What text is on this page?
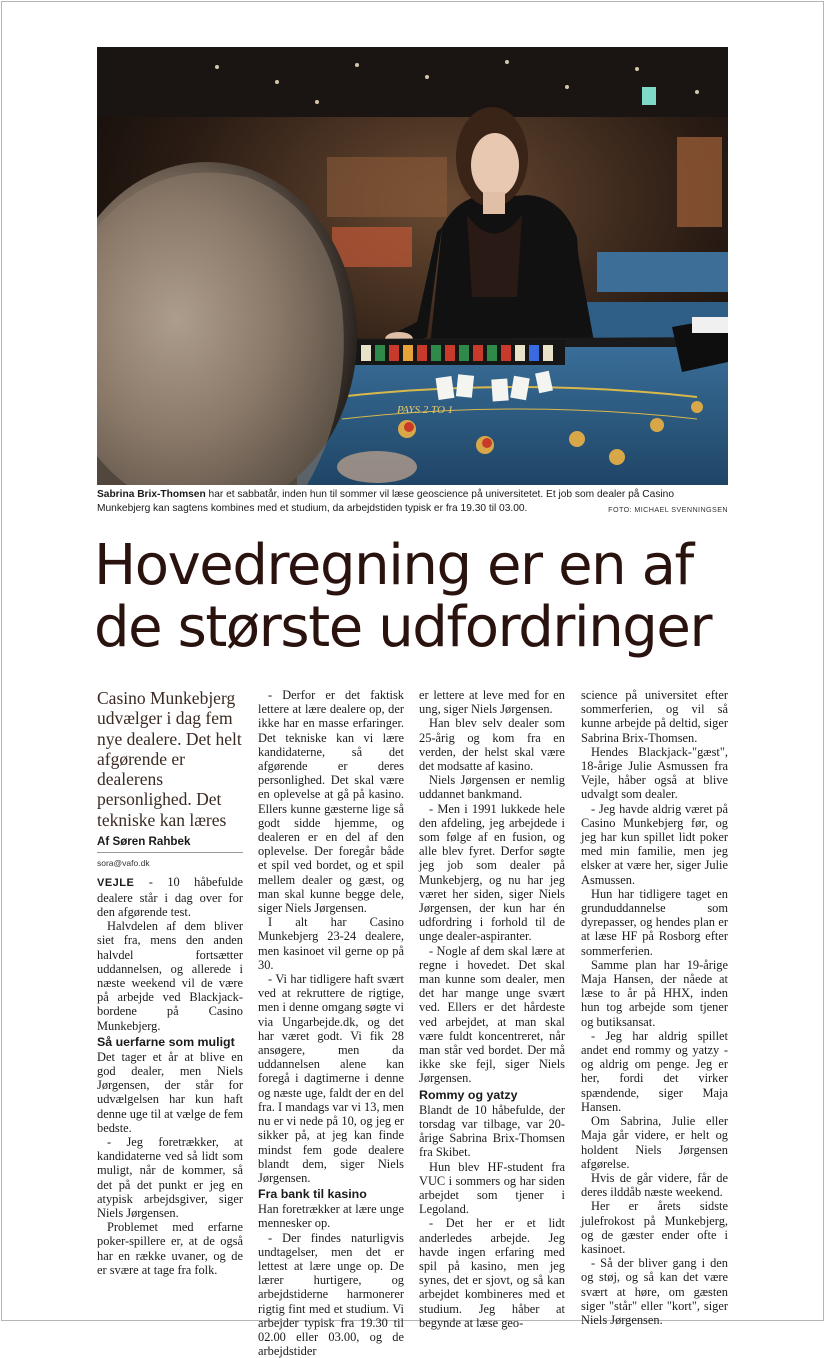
PAYS 2 TO 1
Sabrina Brix-Thomsen har et sabbatår, inden hun til sommer vil læse geoscience på universitetet. Et job som dealer på Casino Munkebjerg kan sagtens kombines med et studium, da arbejdstiden typisk er fra 19.30 til 03.00.	FOTO: MICHAEL SVENNINGSEN
Hovedregning er en af de største udfordringer

Casino Munkebjerg udvælger i dag fem nye dealere. Det helt afgørende er dealerens personlighed. Det tekniske kan læres

Af Søren Rahbek
sora@vafo.dk

VEJLE - 10 håbefulde dealere står i dag over for den afgørende test.

Halvdelen af dem bliver siet fra, mens den anden halvdel fortsætter uddannelsen, og allerede i næste weekend vil de være på arbejde ved Blackjack-bordene på Casino Munkebjerg.

Så uerfarne som muligt

Det tager et år at blive en god dealer, men Niels Jørgensen, der står for udvælgelsen har kun haft denne uge til at vælge de fem bedste.

- Jeg foretrækker, at kandidaterne ved så lidt som muligt, når de kommer, så det på det punkt er jeg en atypisk arbejdsgiver, siger Niels Jørgensen.

Problemet med erfarne poker-spillere er, at de også har en række uvaner, og de er svære at tage fra folk.

- Derfor er det faktisk lettere at lære dealere op, der ikke har en masse erfaringer. Det tekniske kan vi lære kandidaterne, så det afgørende er deres personlighed. Det skal være en oplevelse at gå på kasino. Ellers kunne gæsterne lige så godt sidde hjemme, og dealeren er en del af den oplevelse. Der foregår både et spil ved bordet, og et spil mellem dealer og gæst, og man skal kunne begge dele, siger Niels Jørgensen.

I alt har Casino Munkebjerg 23-24 dealere, men kasinoet vil gerne op på 30.

- Vi har tidligere haft svært ved at rekruttere de rigtige, men i denne omgang søgte vi via Ungarbejde.dk, og det har været godt. Vi fik 28 ansøgere, men da uddannelsen alene kan foregå i dagtimerne i denne og næste uge, faldt der en del fra. I mandags var vi 13, men nu er vi nede på 10, og jeg er sikker på, at jeg kan finde mindst fem gode dealere blandt dem, siger Niels Jørgensen.

Fra bank til kasino

Han foretrækker at lære unge mennesker op.

- Der findes naturligvis undtagelser, men det er lettest at lære unge op. De lærer hurtigere, og arbejdstiderne harmonerer rigtig fint med et studium. Vi arbejder typisk fra 19.30 til 02.00 eller 03.00, og de arbejdstider

er lettere at leve med for en ung, siger Niels Jørgensen.

Han blev selv dealer som 25-årig og kom fra en verden, der helst skal være det modsatte af kasino.

Niels Jørgensen er nemlig uddannet bankmand.

- Men i 1991 lukkede hele den afdeling, jeg arbejdede i som følge af en fusion, og alle blev fyret. Derfor søgte jeg job som dealer på Munkebjerg, og nu har jeg været her siden, siger Niels Jørgensen, der kun har én udfordring i forhold til de unge dealer-aspiranter.

- Nogle af dem skal lære at regne i hovedet. Det skal man kunne som dealer, men det har mange unge svært ved. Ellers er det hårdeste ved arbejdet, at man skal være fuldt koncentreret, når man står ved bordet. Der må ikke ske fejl, siger Niels Jørgensen.

Rommy og yatzy

Blandt de 10 håbefulde, der torsdag var tilbage, var 20-årige Sabrina Brix-Thomsen fra Skibet.

Hun blev HF-student fra VUC i sommers og har siden arbejdet som tjener i Legoland.

- Det her er et lidt anderledes arbejde. Jeg havde ingen erfaring med spil på kasino, men jeg synes, det er sjovt, og så kan arbejdet kombineres med et studium. Jeg håber at begynde at læse geo-

science på universitet efter sommerferien, og vil så kunne arbejde på deltid, siger Sabrina Brix-Thomsen.

Hendes Blackjack-"gæst", 18-årige Julie Asmussen fra Vejle, håber også at blive udvalgt som dealer.

- Jeg havde aldrig været på Casino Munkebjerg før, og jeg har kun spillet lidt poker med min familie, men jeg elsker at være her, siger Julie Asmussen.

Hun har tidligere taget en grunduddannelse som dyrepasser, og hendes plan er at læse HF på Rosborg efter sommerferien.

Samme plan har 19-årige Maja Hansen, der nåede at læse to år på HHX, inden hun tog arbejde som tjener og butiksansat.

- Jeg har aldrig spillet andet end rommy og yatzy - og aldrig om penge. Jeg er her, fordi det virker spændende, siger Maja Hansen.

Om Sabrina, Julie eller Maja går videre, er helt og holdent Niels Jørgensen afgørelse.

Hvis de går videre, får de deres ilddåb næste weekend.

Her er årets sidste julefrokost på Munkebjerg, og de gæster ender ofte i kasinoet.

- Så der bliver gang i den og støj, og så kan det være svært at høre, om gæsten siger "står" eller "kort", siger Niels Jørgensen.
